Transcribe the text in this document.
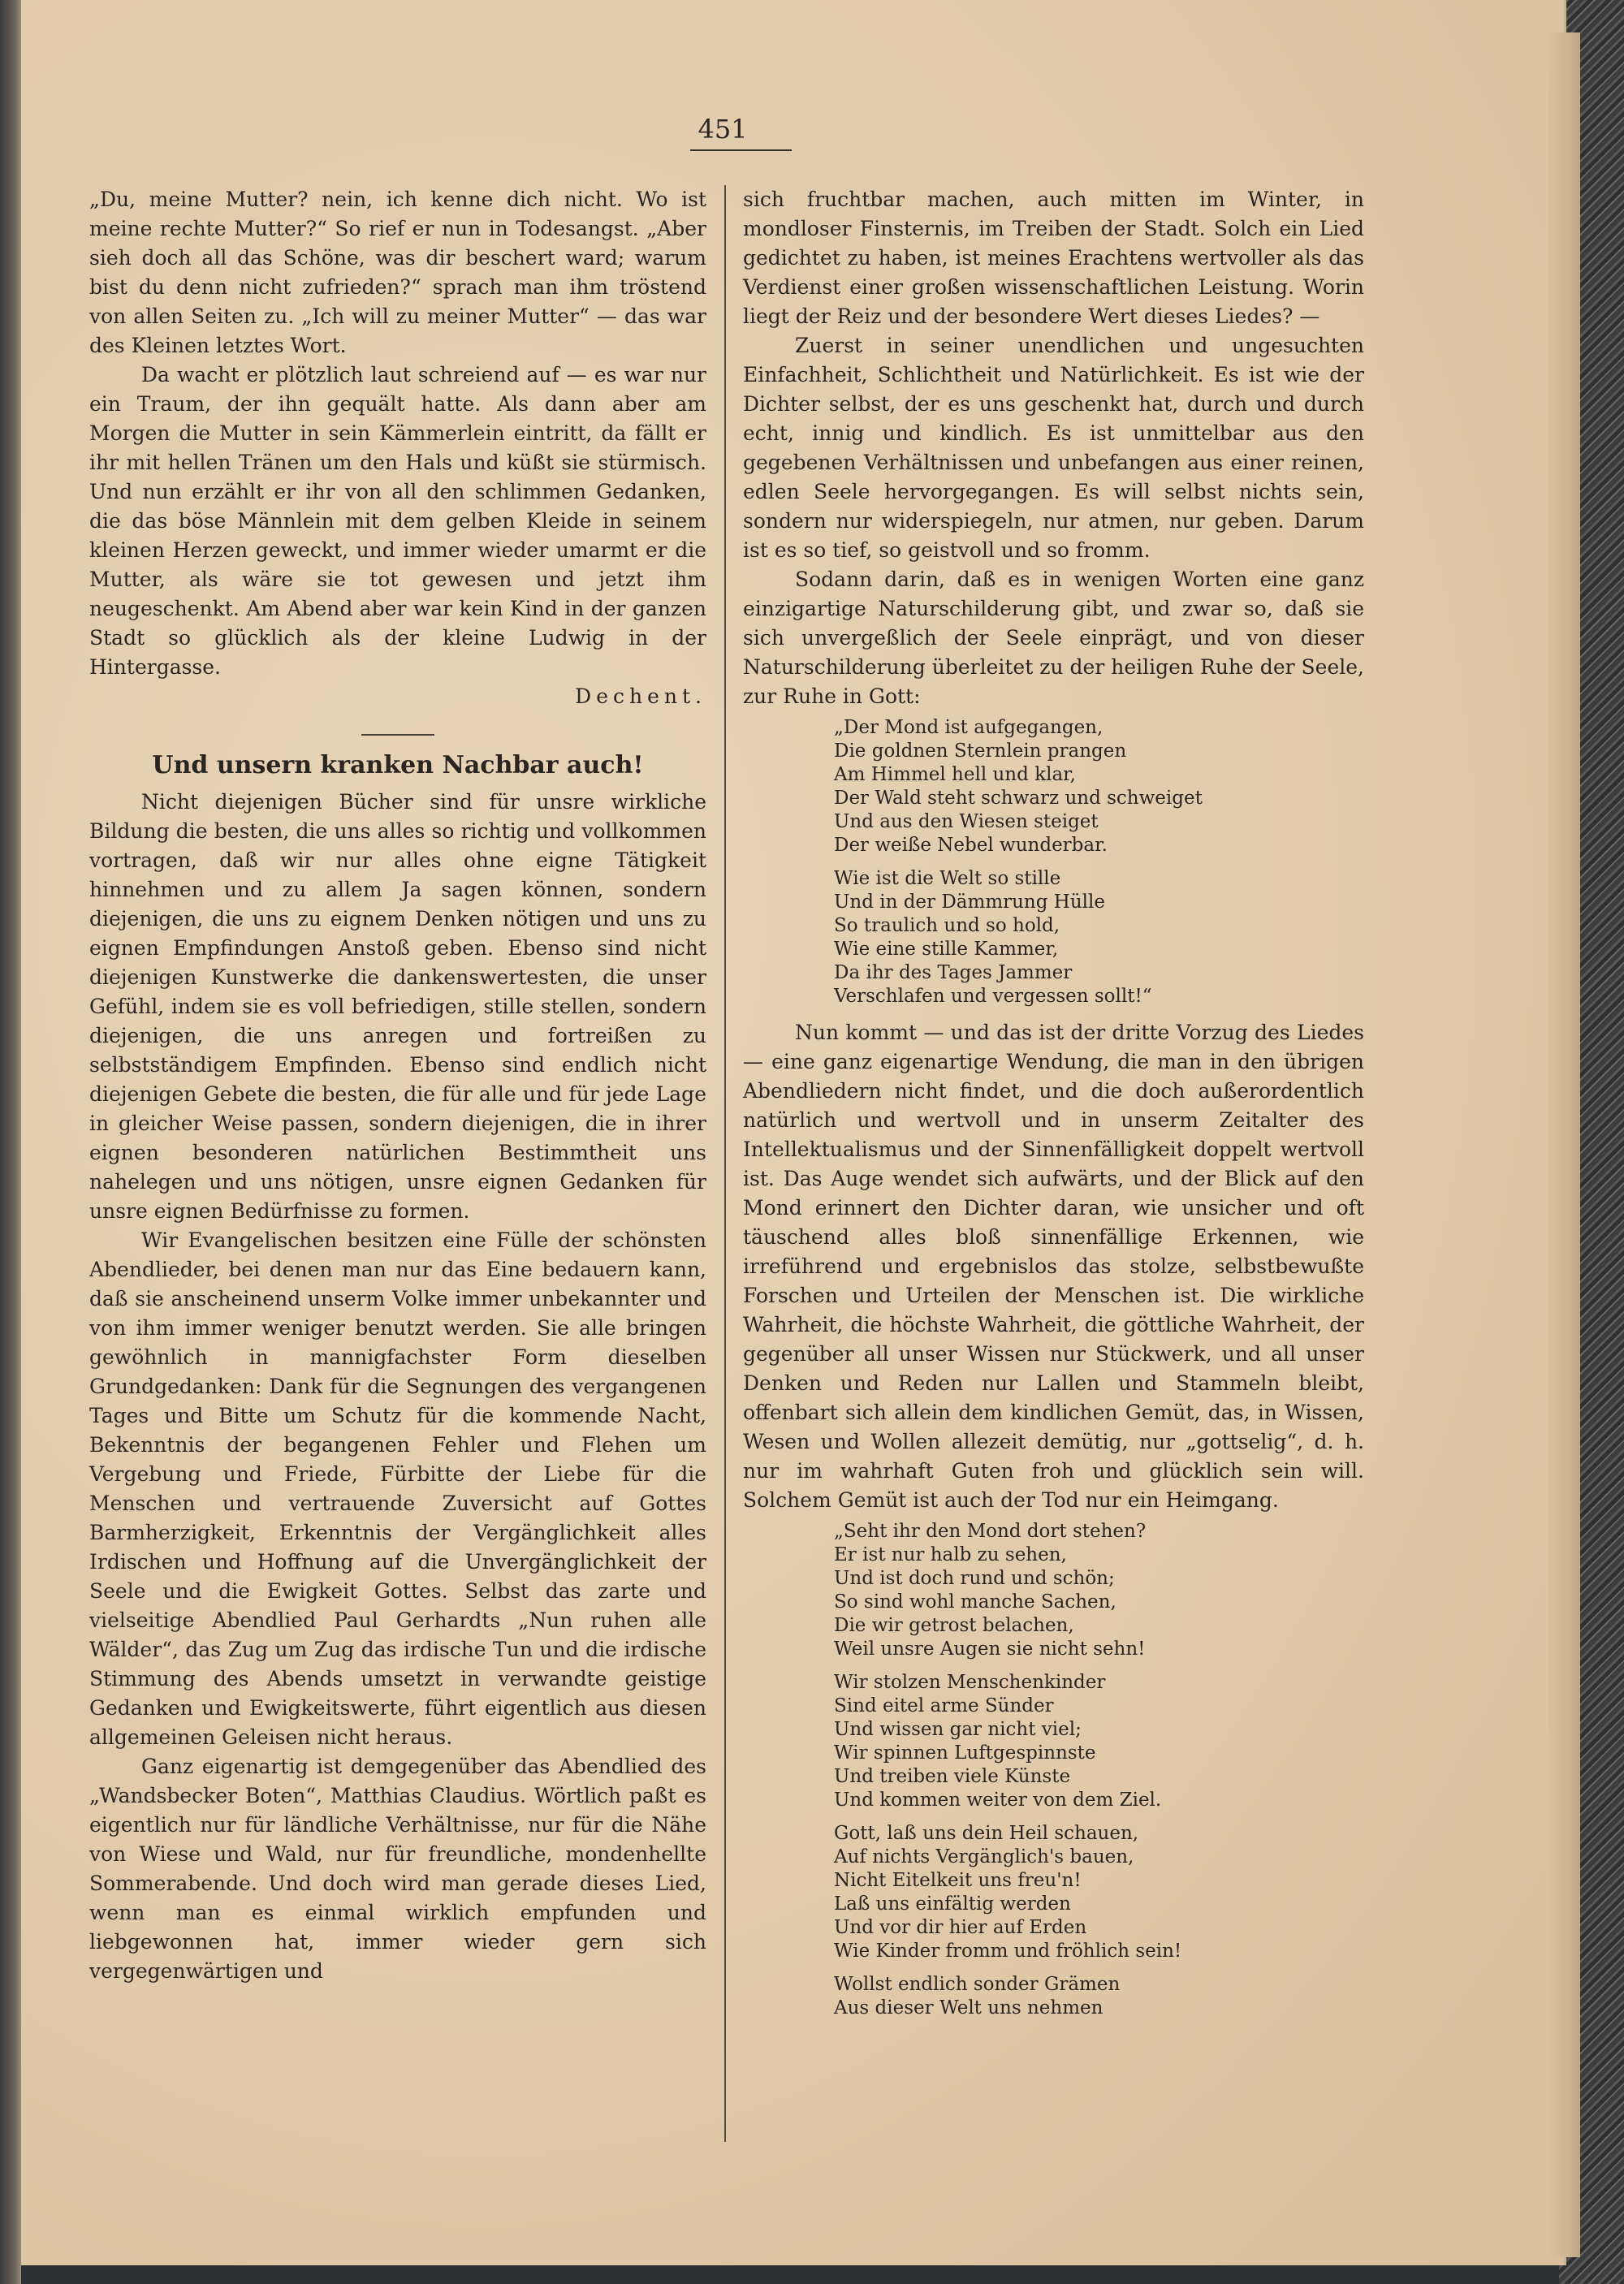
451

„Du, meine Mutter? nein, ich kenne dich nicht. Wo ist meine rechte Mutter?“ So rief er nun in Todesangst. „Aber sieh doch all das Schöne, was dir beschert ward; warum bist du denn nicht zufrieden?“ sprach man ihm tröstend von allen Seiten zu. „Ich will zu meiner Mutter“ — das war des Kleinen letztes Wort.

Da wacht er plötzlich laut schreiend auf — es war nur ein Traum, der ihn gequält hatte. Als dann aber am Morgen die Mutter in sein Kämmerlein eintritt, da fällt er ihr mit hellen Tränen um den Hals und küßt sie stürmisch. Und nun erzählt er ihr von all den schlimmen Gedanken, die das böse Männlein mit dem gelben Kleide in seinem kleinen Herzen geweckt, und immer wieder umarmt er die Mutter, als wäre sie tot gewesen und jetzt ihm neugeschenkt. Am Abend aber war kein Kind in der ganzen Stadt so glücklich als der kleine Ludwig in der Hintergasse.

Dechent.
Und unsern kranken Nachbar auch!

Nicht diejenigen Bücher sind für unsre wirkliche Bildung die besten, die uns alles so richtig und vollkommen vortragen, daß wir nur alles ohne eigne Tätigkeit hinnehmen und zu allem Ja sagen können, sondern diejenigen, die uns zu eignem Denken nötigen und uns zu eignen Empfindungen Anstoß geben. Ebenso sind nicht diejenigen Kunstwerke die dankenswertesten, die unser Gefühl, indem sie es voll befriedigen, stille stellen, sondern diejenigen, die uns anregen und fortreißen zu selbstständigem Empfinden. Ebenso sind endlich nicht diejenigen Gebete die besten, die für alle und für jede Lage in gleicher Weise passen, sondern diejenigen, die in ihrer eignen besonderen natürlichen Bestimmtheit uns nahelegen und uns nötigen, unsre eignen Gedanken für unsre eignen Bedürfnisse zu formen.

Wir Evangelischen besitzen eine Fülle der schönsten Abendlieder, bei denen man nur das Eine bedauern kann, daß sie anscheinend unserm Volke immer unbekannter und von ihm immer weniger benutzt werden. Sie alle bringen gewöhnlich in mannigfachster Form dieselben Grundgedanken: Dank für die Segnungen des vergangenen Tages und Bitte um Schutz für die kommende Nacht, Bekenntnis der begangenen Fehler und Flehen um Vergebung und Friede, Fürbitte der Liebe für die Menschen und vertrauende Zuversicht auf Gottes Barmherzigkeit, Erkenntnis der Vergänglichkeit alles Irdischen und Hoffnung auf die Unvergänglichkeit der Seele und die Ewigkeit Gottes. Selbst das zarte und vielseitige Abendlied Paul Gerhardts „Nun ruhen alle Wälder“, das Zug um Zug das irdische Tun und die irdische Stimmung des Abends umsetzt in verwandte geistige Gedanken und Ewigkeitswerte, führt eigentlich aus diesen allgemeinen Geleisen nicht heraus.

Ganz eigenartig ist demgegenüber das Abendlied des „Wandsbecker Boten“, Matthias Claudius. Wörtlich paßt es eigentlich nur für ländliche Verhältnisse, nur für die Nähe von Wiese und Wald, nur für freundliche, mondenhellte Sommerabende. Und doch wird man gerade dieses Lied, wenn man es einmal wirklich empfunden und liebgewonnen hat, immer wieder gern sich vergegenwärtigen und

sich fruchtbar machen, auch mitten im Winter, in mondloser Finsternis, im Treiben der Stadt. Solch ein Lied gedichtet zu haben, ist meines Erachtens wertvoller als das Verdienst einer großen wissenschaftlichen Leistung. Worin liegt der Reiz und der besondere Wert dieses Liedes? —

Zuerst in seiner unendlichen und ungesuchten Einfachheit, Schlichtheit und Natürlichkeit. Es ist wie der Dichter selbst, der es uns geschenkt hat, durch und durch echt, innig und kindlich. Es ist unmittelbar aus den gegebenen Verhältnissen und unbefangen aus einer reinen, edlen Seele hervorgegangen. Es will selbst nichts sein, sondern nur widerspiegeln, nur atmen, nur geben. Darum ist es so tief, so geistvoll und so fromm.

Sodann darin, daß es in wenigen Worten eine ganz einzigartige Naturschilderung gibt, und zwar so, daß sie sich unvergeßlich der Seele einprägt, und von dieser Naturschilderung überleitet zu der heiligen Ruhe der Seele, zur Ruhe in Gott:

„Der Mond ist aufgegangen,
Die goldnen Sternlein prangen
Am Himmel hell und klar,
Der Wald steht schwarz und schweiget
Und aus den Wiesen steiget
Der weiße Nebel wunderbar.
Wie ist die Welt so stille
Und in der Dämmrung Hülle
So traulich und so hold,
Wie eine stille Kammer,
Da ihr des Tages Jammer
Verschlafen und vergessen sollt!“

Nun kommt — und das ist der dritte Vorzug des Liedes — eine ganz eigenartige Wendung, die man in den übrigen Abendliedern nicht findet, und die doch außerordentlich natürlich und wertvoll und in unserm Zeitalter des Intellektualismus und der Sinnenfälligkeit doppelt wertvoll ist. Das Auge wendet sich aufwärts, und der Blick auf den Mond erinnert den Dichter daran, wie unsicher und oft täuschend alles bloß sinnenfällige Erkennen, wie irreführend und ergebnislos das stolze, selbstbewußte Forschen und Urteilen der Menschen ist. Die wirkliche Wahrheit, die höchste Wahrheit, die göttliche Wahrheit, der gegenüber all unser Wissen nur Stückwerk, und all unser Denken und Reden nur Lallen und Stammeln bleibt, offenbart sich allein dem kindlichen Gemüt, das, in Wissen, Wesen und Wollen allezeit demütig, nur „gottselig“, d. h. nur im wahrhaft Guten froh und glücklich sein will. Solchem Gemüt ist auch der Tod nur ein Heimgang.

„Seht ihr den Mond dort stehen?
Er ist nur halb zu sehen,
Und ist doch rund und schön;
So sind wohl manche Sachen,
Die wir getrost belachen,
Weil unsre Augen sie nicht sehn!
Wir stolzen Menschenkinder
Sind eitel arme Sünder
Und wissen gar nicht viel;
Wir spinnen Luftgespinnste
Und treiben viele Künste
Und kommen weiter von dem Ziel.
Gott, laß uns dein Heil schauen,
Auf nichts Vergänglich's bauen,
Nicht Eitelkeit uns freu'n!
Laß uns einfältig werden
Und vor dir hier auf Erden
Wie Kinder fromm und fröhlich sein!
Wollst endlich sonder Grämen
Aus dieser Welt uns nehmen
